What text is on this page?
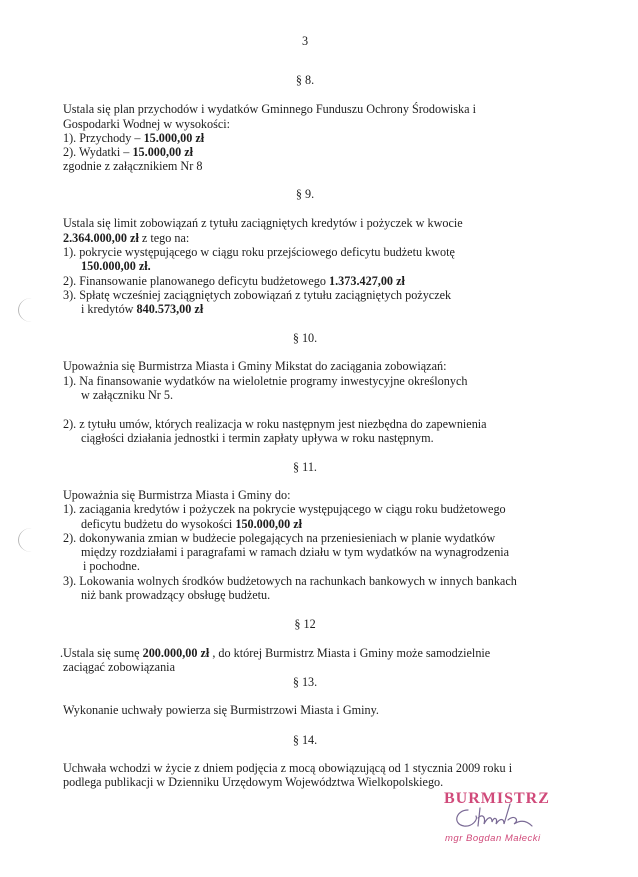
3
§ 8.
Ustala się plan przychodów i wydatków Gminnego Funduszu Ochrony Środowiska i
Gospodarki Wodnej w wysokości:
1). Przychody – 15.000,00 zł
2). Wydatki – 15.000,00 zł
zgodnie z załącznikiem Nr 8
§ 9.
Ustala się limit zobowiązań z tytułu zaciągniętych kredytów i pożyczek w kwocie
2.364.000,00 zł z tego na:
1). pokrycie występującego w ciągu roku przejściowego deficytu budżetu kwotę
150.000,00 zł.
2). Finansowanie planowanego deficytu budżetowego 1.373.427,00 zł
3). Spłatę wcześniej zaciągniętych zobowiązań z tytułu zaciągniętych pożyczek
i kredytów 840.573,00 zł
§ 10.
Upoważnia się Burmistrza Miasta i Gminy Mikstat do zaciągania zobowiązań:
1). Na finansowanie wydatków na wieloletnie programy inwestycyjne określonych
w załączniku Nr 5.
2). z tytułu umów, których realizacja w roku następnym jest niezbędna do zapewnienia
ciągłości działania jednostki i termin zapłaty upływa w roku następnym.
§ 11.
Upoważnia się Burmistrza Miasta i Gminy do:
1). zaciągania kredytów i pożyczek na pokrycie występującego w ciągu roku budżetowego
deficytu budżetu do wysokości 150.000,00 zł
2). dokonywania zmian w budżecie polegających na przeniesieniach w planie wydatków
między rozdziałami i paragrafami w ramach działu w tym wydatków na wynagrodzenia
i pochodne.
3). Lokowania wolnych środków budżetowych na rachunkach bankowych w innych bankach
niż bank prowadzący obsługę budżetu.
§ 12
.Ustala się sumę 200.000,00 zł , do której Burmistrz Miasta i Gminy może samodzielnie
zaciągać zobowiązania
§ 13.
Wykonanie uchwały powierza się Burmistrzowi Miasta i Gminy.
§ 14.
Uchwała wchodzi w życie z dniem podjęcia z mocą obowiązującą od 1 stycznia 2009 roku i
podlega publikacji w Dzienniku Urzędowym Województwa Wielkopolskiego.
BURMISTRZ
mgr Bogdan Małecki
